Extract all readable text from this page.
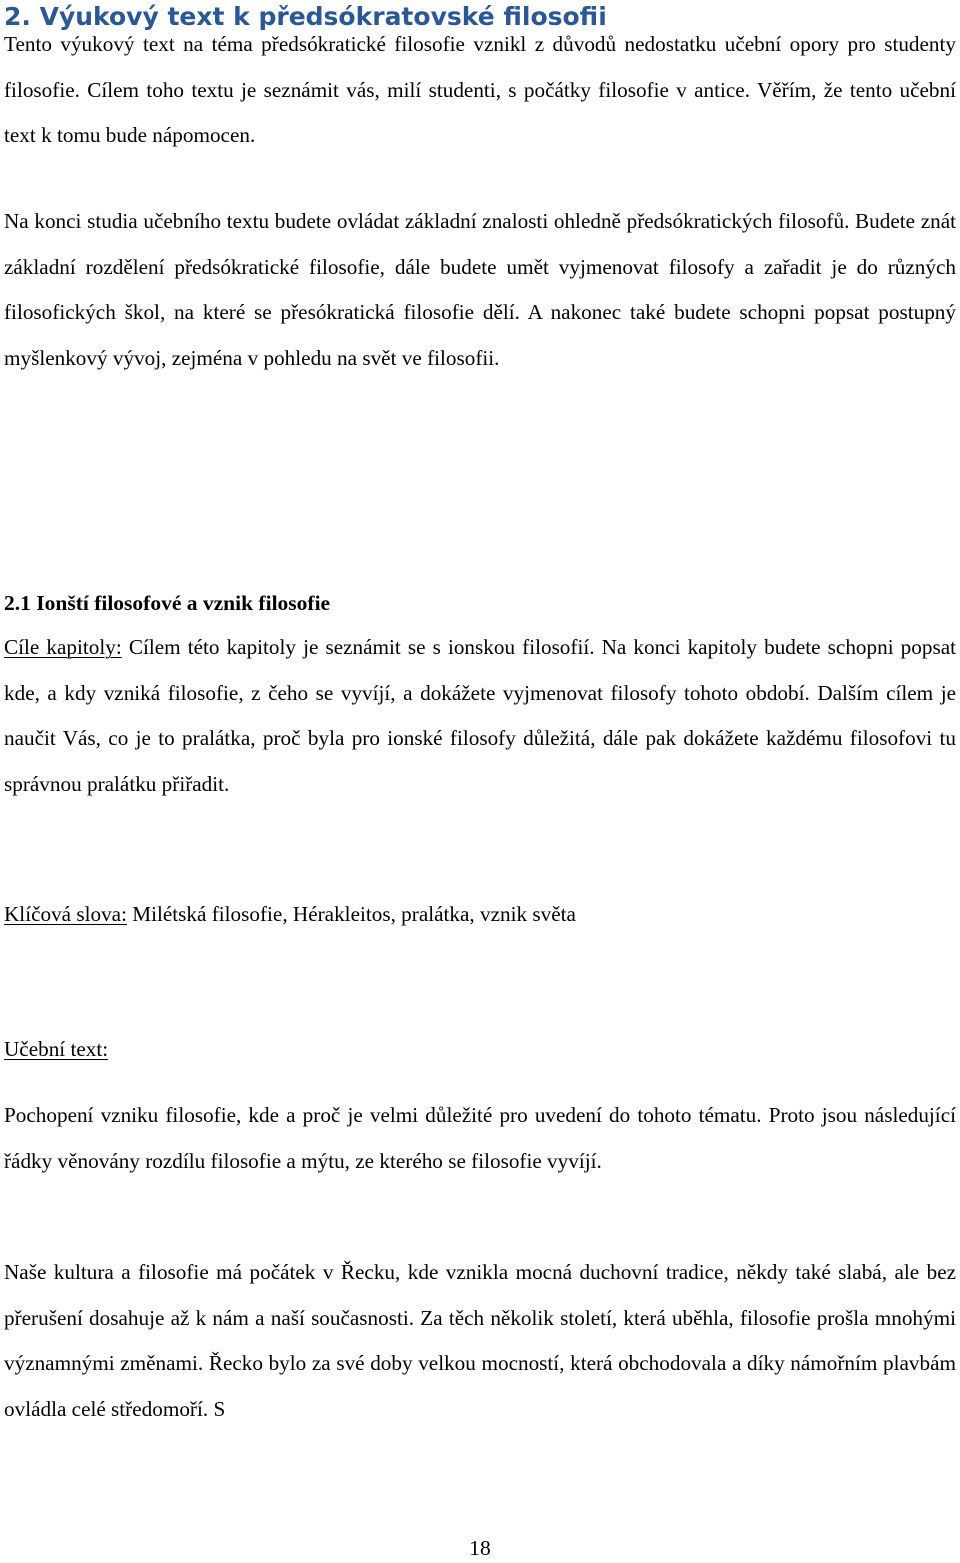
2. Výukový text k předsókratovské filosofii

Tento výukový text na téma předsókratické filosofie vznikl z důvodů nedostatku učební opory pro studenty filosofie. Cílem toho textu je seznámit vás, milí studenti, s počátky filosofie v antice. Věřím, že tento učební text k tomu bude nápomocen.

Na konci studia učebního textu budete ovládat základní znalosti ohledně předsókratických filosofů. Budete znát základní rozdělení předsókratické filosofie, dále budete umět vyjmenovat filosofy a zařadit je do různých filosofických škol, na které se přesókratická filosofie dělí. A nakonec také budete schopni popsat postupný myšlenkový vývoj, zejména v pohledu na svět ve filosofii.

2.1 Ionští filosofové a vznik filosofie

Cíle kapitoly: Cílem této kapitoly je seznámit se s ionskou filosofií. Na konci kapitoly budete schopni popsat kde, a kdy vzniká filosofie, z čeho se vyvíjí, a dokážete vyjmenovat filosofy tohoto období. Dalším cílem je naučit Vás, co je to pralátka, proč byla pro ionské filosofy důležitá, dále pak dokážete každému filosofovi tu správnou pralátku přiřadit.

Klíčová slova: Milétská filosofie, Hérakleitos, pralátka, vznik světa

Učební text:

Pochopení vzniku filosofie, kde a proč je velmi důležité pro uvedení do tohoto tématu. Proto jsou následující řádky věnovány rozdílu filosofie a mýtu, ze kterého se filosofie vyvíjí.

Naše kultura a filosofie má počátek v Řecku, kde vznikla mocná duchovní tradice, někdy také slabá, ale bez přerušení dosahuje až k nám a naší současnosti. Za těch několik století, která uběhla, filosofie prošla mnohými významnými změnami. Řecko bylo za své doby velkou mocností, která obchodovala a díky námořním plavbám ovládla celé středomoří. S

18
